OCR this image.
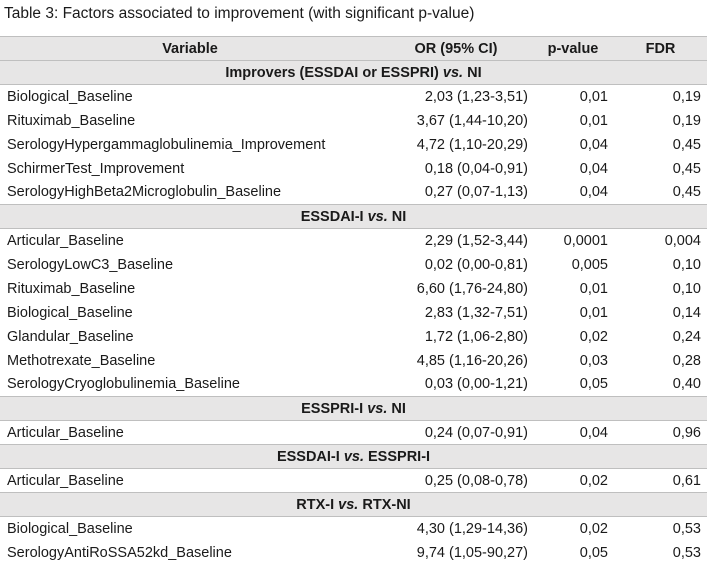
Table 3: Factors associated to improvement (with significant p-value)
Variable	OR (95% CI)	p-value	FDR
Improvers (ESSDAI or ESSPRI) vs. NI			
Biological_Baseline	2,03 (1,23-3,51)	0,01	0,19
Rituximab_Baseline	3,67 (1,44-10,20)	0,01	0,19
SerologyHypergammaglobulinemia_Improvement	4,72 (1,10-20,29)	0,04	0,45
SchirmerTest_Improvement	0,18 (0,04-0,91)	0,04	0,45
SerologyHighBeta2Microglobulin_Baseline	0,27 (0,07-1,13)	0,04	0,45
ESSDAI-I vs. NI			
Articular_Baseline	2,29 (1,52-3,44)	0,0001	0,004
SerologyLowC3_Baseline	0,02 (0,00-0,81)	0,005	0,10
Rituximab_Baseline	6,60 (1,76-24,80)	0,01	0,10
Biological_Baseline	2,83 (1,32-7,51)	0,01	0,14
Glandular_Baseline	1,72 (1,06-2,80)	0,02	0,24
Methotrexate_Baseline	4,85 (1,16-20,26)	0,03	0,28
SerologyCryoglobulinemia_Baseline	0,03 (0,00-1,21)	0,05	0,40
ESSPRI-I vs. NI			
Articular_Baseline	0,24 (0,07-0,91)	0,04	0,96
ESSDAI-I vs. ESSPRI-I			
Articular_Baseline	0,25 (0,08-0,78)	0,02	0,61
RTX-I vs. RTX-NI			
Biological_Baseline	4,30 (1,29-14,36)	0,02	0,53
SerologyAntiRoSSA52kd_Baseline	9,74 (1,05-90,27)	0,05	0,53
